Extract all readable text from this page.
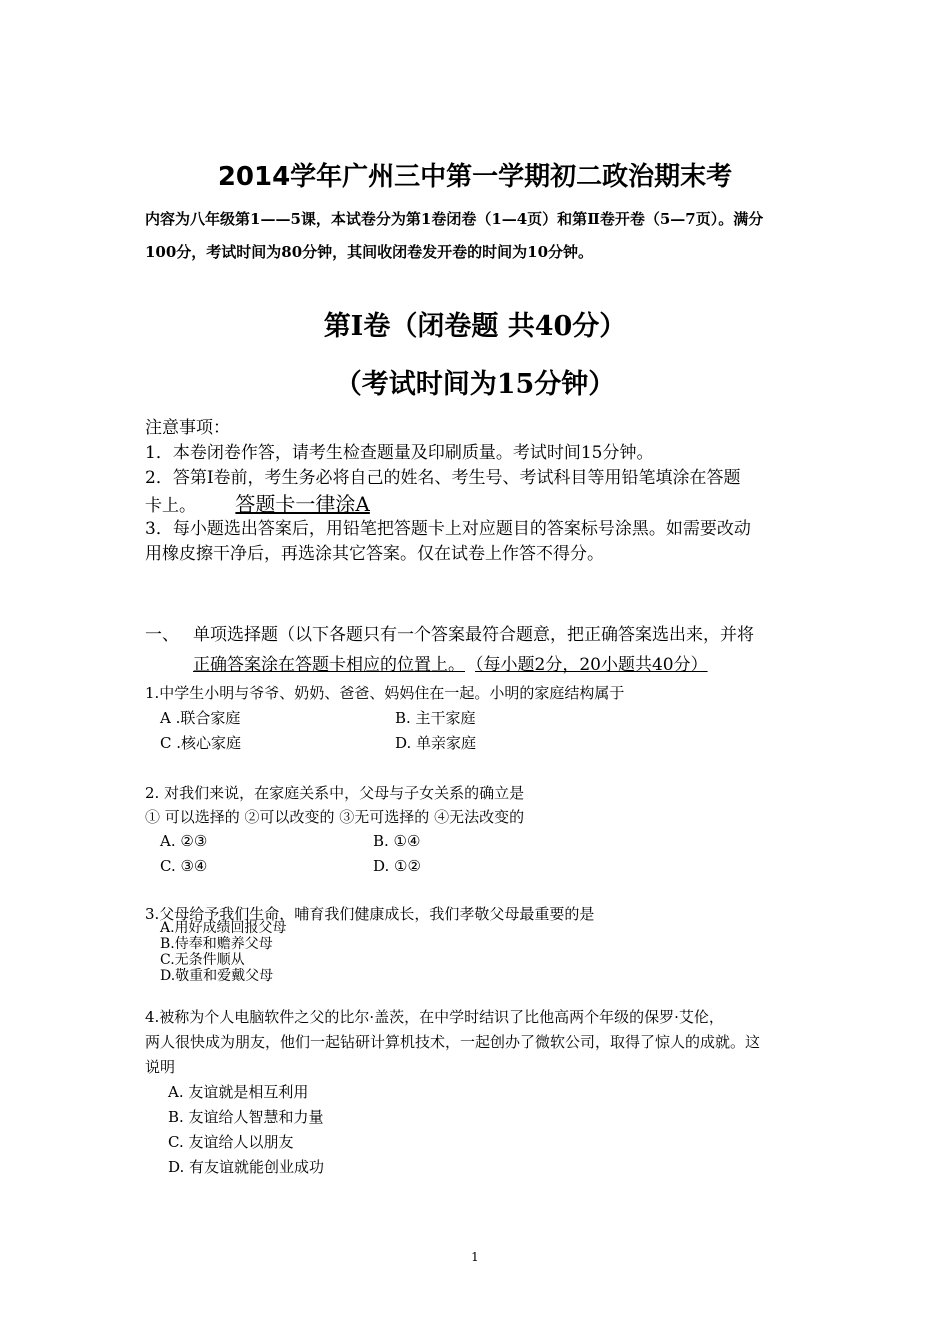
2014学年广州三中第一学期初二政治期末考
内容为八年级第1——5课，本试卷分为第1卷闭卷（1—4页）和第Ⅱ卷开卷（5—7页）。满分
100分，考试时间为80分钟，其间收闭卷发开卷的时间为10分钟。
第I卷（闭卷题 共40分）
（考试时间为15分钟）
注意事项：
1．本卷闭卷作答，请考生检查题量及印刷质量。考试时间15分钟。
2．答第Ⅰ卷前，考生务必将自己的姓名、考生号、考试科目等用铅笔填涂在答题
卡上。 答题卡一律涂A
3．每小题选出答案后，用铅笔把答题卡上对应题目的答案标号涂黑。如需要改动
用橡皮擦干净后，再选涂其它答案。仅在试卷上作答不得分。
一、 单项选择题（以下各题只有一个答案最符合题意，把正确答案选出来，并将
正确答案涂在答题卡相应的位置上。 （每小题2分，20小题共40分）
1.中学生小明与爷爷、奶奶、爸爸、妈妈住在一起。小明的家庭结构属于
A .联合家庭	B. 主干家庭
C .核心家庭	D. 单亲家庭
2. 对我们来说，在家庭关系中，父母与子女关系的确立是
① 可以选择的 ②可以改变的 ③无可选择的 ④无法改变的
A. ②③	B. ①④
C. ③④	D. ①②
3.父母给予我们生命，哺育我们健康成长，我们孝敬父母最重要的是
A.用好成绩回报父母
B.侍奉和赡养父母
C.无条件顺从
D.敬重和爱戴父母
4.被称为个人电脑软件之父的比尔·盖茨，在中学时结识了比他高两个年级的保罗·艾伦，
两人很快成为朋友，他们一起钻研计算机技术，一起创办了微软公司，取得了惊人的成就。这
说明
A. 友谊就是相互利用
B. 友谊给人智慧和力量
C. 友谊给人以朋友
D. 有友谊就能创业成功
1
